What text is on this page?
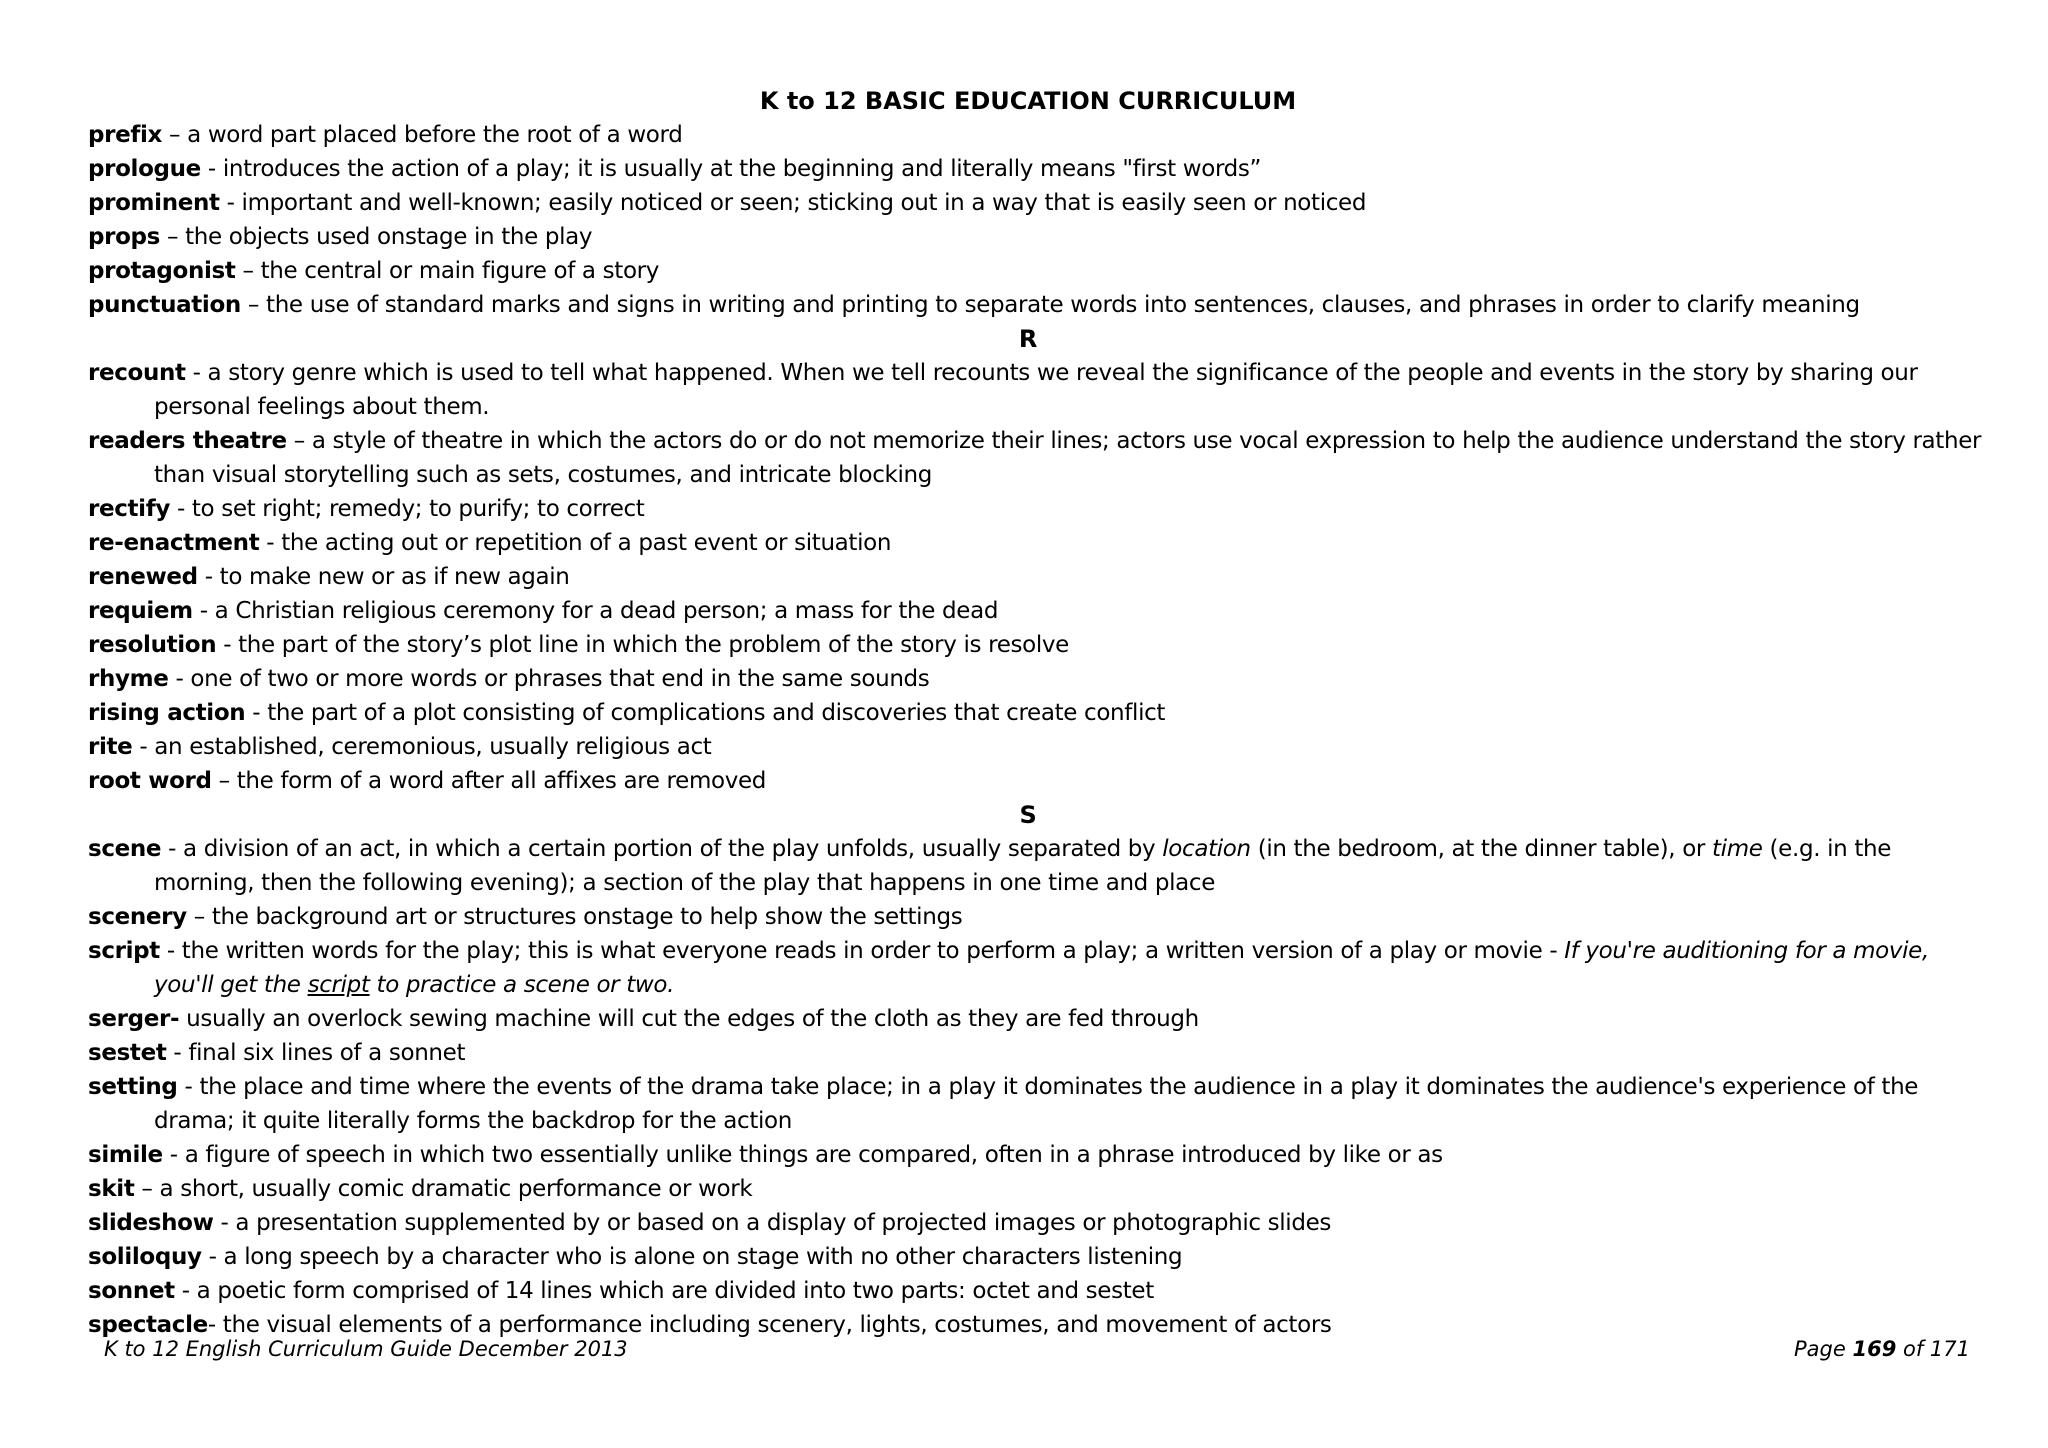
K to 12 BASIC EDUCATION CURRICULUM

prefix – a word part placed before the root of a word

prologue - introduces the action of a play; it is usually at the beginning and literally means "first words”

prominent - important and well-known; easily noticed or seen; sticking out in a way that is easily seen or noticed

props – the objects used onstage in the play

protagonist – the central or main figure of a story

punctuation – the use of standard marks and signs in writing and printing to separate words into sentences, clauses, and phrases in order to clarify meaning

R

recount - a story genre which is used to tell what happened. When we tell recounts we reveal the significance of the people and events in the story by sharing our personal feelings about them.

readers theatre – a style of theatre in which the actors do or do not memorize their lines; actors use vocal expression to help the audience understand the story rather than visual storytelling such as sets, costumes, and intricate blocking

rectify - to set right; remedy; to purify; to correct

re-enactment - the acting out or repetition of a past event or situation

renewed - to make new or as if new again

requiem - a Christian religious ceremony for a dead person; a mass for the dead

resolution - the part of the story’s plot line in which the problem of the story is resolve

rhyme - one of two or more words or phrases that end in the same sounds

rising action - the part of a plot consisting of complications and discoveries that create conflict

rite - an established, ceremonious, usually religious act

root word – the form of a word after all affixes are removed

S

scene - a division of an act, in which a certain portion of the play unfolds, usually separated by location (in the bedroom, at the dinner table), or time (e.g. in the morning, then the following evening); a section of the play that happens in one time and place

scenery – the background art or structures onstage to help show the settings

script - the written words for the play; this is what everyone reads in order to perform a play; a written version of a play or movie - If you're auditioning for a movie, you'll get the script to practice a scene or two.

serger- usually an overlock sewing machine will cut the edges of the cloth as they are fed through

sestet - final six lines of a sonnet

setting - the place and time where the events of the drama take place; in a play it dominates the audience in a play it dominates the audience's experience of the drama; it quite literally forms the backdrop for the action

simile - a figure of speech in which two essentially unlike things are compared, often in a phrase introduced by like or as

skit – a short, usually comic dramatic performance or work

slideshow - a presentation supplemented by or based on a display of projected images or photographic slides

soliloquy - a long speech by a character who is alone on stage with no other characters listening

sonnet - a poetic form comprised of 14 lines which are divided into two parts: octet and sestet

spectacle- the visual elements of a performance including scenery, lights, costumes, and movement of actors

K to 12 English Curriculum Guide December 2013	Page 169 of 171
